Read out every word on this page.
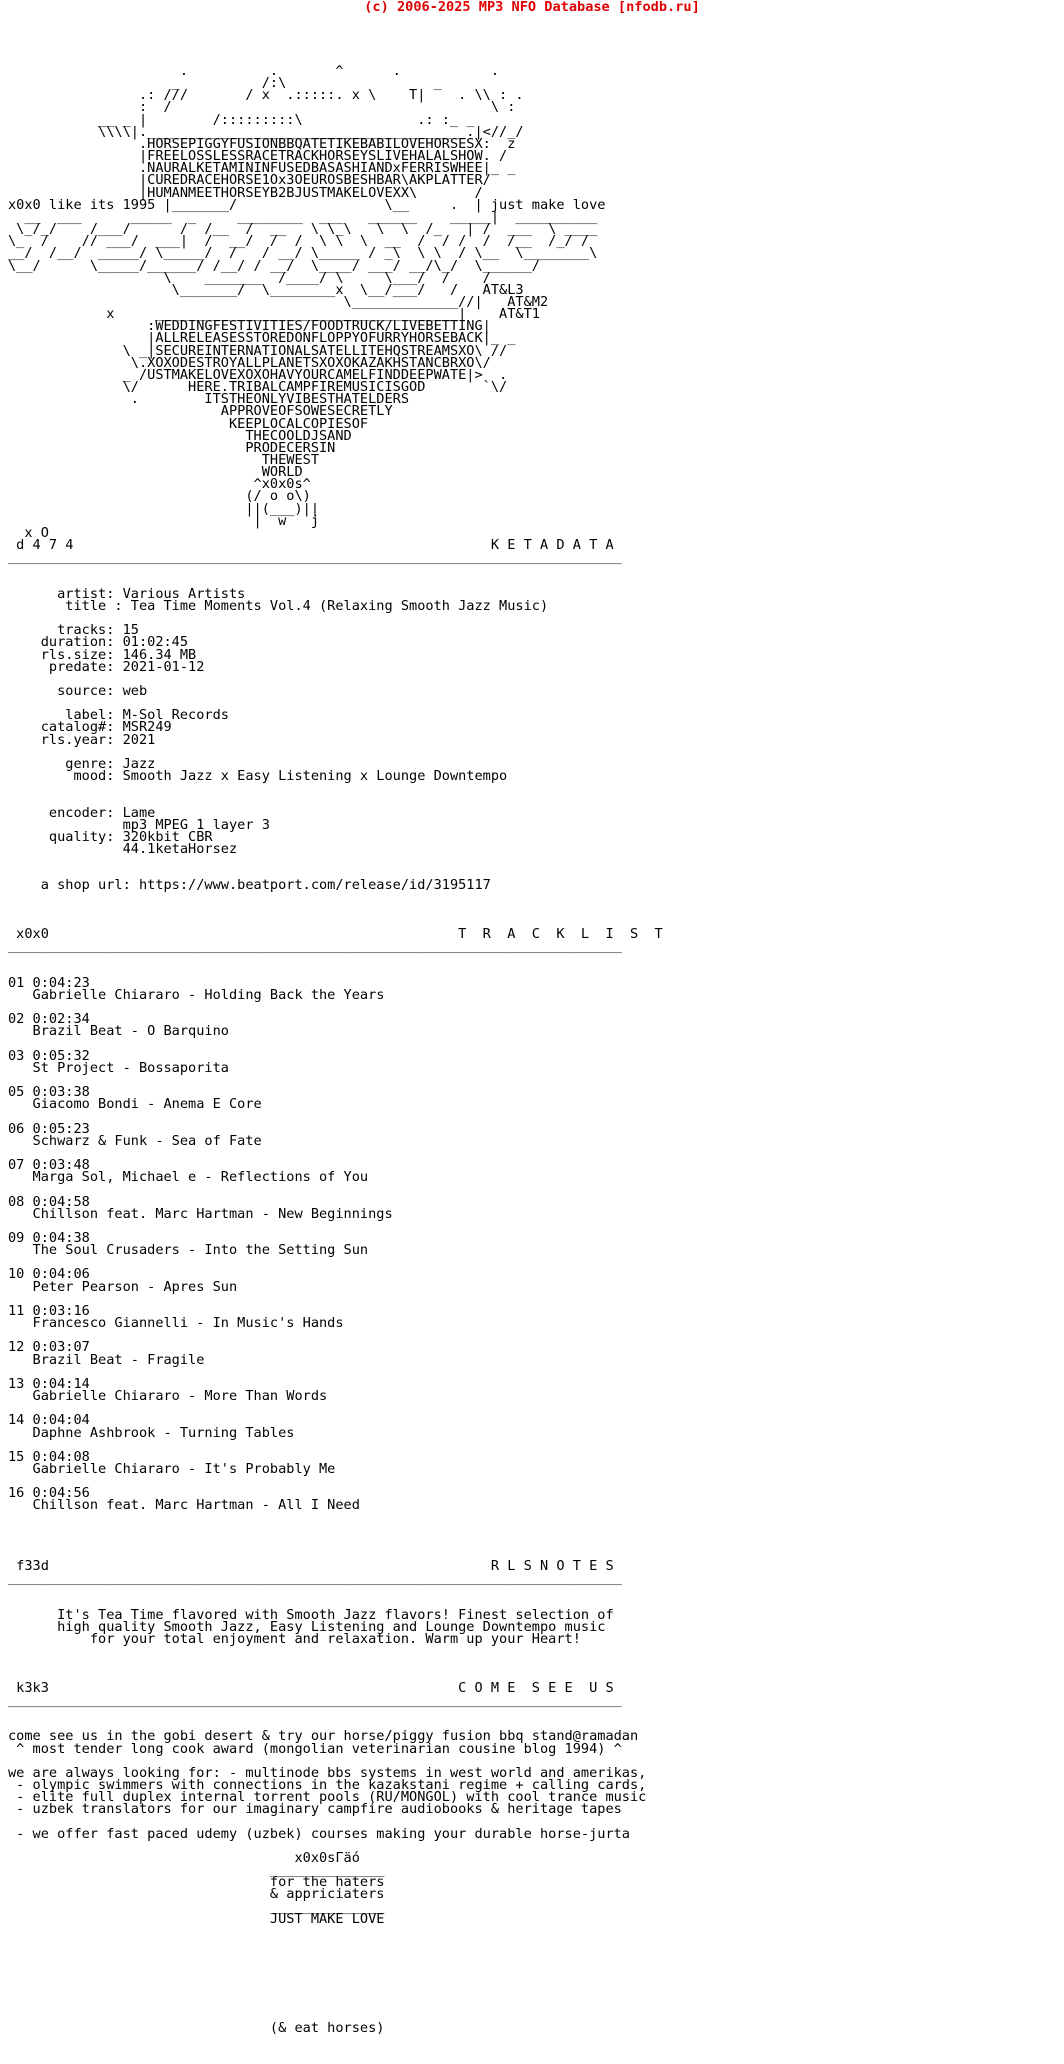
(c) 2006-2025 MP3 NFO Database [nfodb.ru]
.          .       ^      .           .
_          /:\                  _
.: ///       / x  .:::::. x \    T|    . \\ : .
:  /                                       \ :
__ _ |        /:::::::::\              .: :_ _
\\\\|._______________________________________.|<//_/
.HORSEPIGGYFUSIONBBQATETIKEBABILOVEHORSESX:  z
|FREELOSSLESSRACETRACKHORSEYSLIVEHALALSHOW. /
.NAURALKETAMININFUSEDBASASHIANDxFERRISWHEE|_ _
|CUREDRACEHORSE1Ox3OEUROSBESHBAR\AKPLATTER/
|HUMANMEETHORSEYB2BJUSTMAKELOVEXX\       /
x0x0 like its 1995 |_______/                  \__     .  | just make love
__  ___      _____  _     ________  ___   ______    _____|  __________
\_/_/    /___/      /  /__  /  __   \ \_\   \  \  /_   | /  ___  \ ____
\_  /    // ___/  ___|  /  __/  /  /  \ \  \  __  /  / /  /  /__  /_/ /
__/  /__/  _____/ \_____/  /   / __/ \_____ / _\  \ \  / \__  \________\
\__/      \_____/______/ /__/ / __/  \____/ ___/ __/\_/  \______/
\    _______  /____/ \     \___/  /    /
\_______/  \________x  \__/___/   /   AT&L3
\_____________//|   AT&M2
x     _____________________________________|    AT&T1
:WEDDINGFESTIVITIES/FOODTRUCK/LIVEBETTING|
|ALLRELEASESSTOREDONFLOPPYOFURRYHORSEBACK|_ _
\ _|SECUREINTERNATIONALSATELLITEHQSTREAMSXO\ //
\.XOXODESTROYALLPLANETSXOXOKAZAKHSTANCBRXO\/
_ /USTMAKELOVEXOXOHAVYOURCAMELFINDDEEPWATE|>  .
\/      HERE.TRIBALCAMPFIREMUSICISGOD       `\/
.        ITSTHEONLYVIBESTHATELDERS
APPROVEOFSOWESECRETLY
KEEPLOCALCOPIESOF
THECOOLDJSAND
PRODECERSIN
THEWEST
WORLD
^x0x0s^
(/ o o\)
||(___)||
|  w   j
x O
d 4 7 4                                                   K E T A D A T A
___________________________________________________________________________

artist: Various Artists
title : Tea Time Moments Vol.4 (Relaxing Smooth Jazz Music)

tracks: 15
duration: 01:02:45
rls.size: 146.34 MB
predate: 2021-01-12

source: web

label: M-Sol Records
catalog#: MSR249
rls.year: 2021

genre: Jazz
mood: Smooth Jazz x Easy Listening x Lounge Downtempo

encoder: Lame
mp3 MPEG 1 layer 3
quality: 320kbit CBR
44.1ketaHorsez

a shop url: https://www.beatport.com/release/id/3195117

x0x0                                                  T  R  A  C  K  L  I  S  T
___________________________________________________________________________

01 0:04:23
Gabrielle Chiararo - Holding Back the Years

02 0:02:34
Brazil Beat - O Barquino

03 0:05:32
St Project - Bossaporita

05 0:03:38
Giacomo Bondi - Anema E Core

06 0:05:23
Schwarz & Funk - Sea of Fate

07 0:03:48
Marga Sol, Michael e - Reflections of You

08 0:04:58
Chillson feat. Marc Hartman - New Beginnings

09 0:04:38
The Soul Crusaders - Into the Setting Sun

10 0:04:06
Peter Pearson - Apres Sun

11 0:03:16
Francesco Giannelli - In Music's Hands

12 0:03:07
Brazil Beat - Fragile

13 0:04:14
Gabrielle Chiararo - More Than Words

14 0:04:04
Daphne Ashbrook - Turning Tables

15 0:04:08
Gabrielle Chiararo - It's Probably Me

16 0:04:56
Chillson feat. Marc Hartman - All I Need

f33d                                                      R L S N O T E S
___________________________________________________________________________

It's Tea Time flavored with Smooth Jazz flavors! Finest selection of
high quality Smooth Jazz, Easy Listening and Lounge Downtempo music
for your total enjoyment and relaxation. Warm up your Heart!

k3k3                                                  C O M E  S E E  U S
___________________________________________________________________________

come see us in the gobi desert & try our horse/piggy fusion bbq stand@ramadan
^ most tender long cook award (mongolian veterinarian cousine blog 1994) ^

we are always looking for: - multinode bbs systems in west world and amerikas,
- olympic swimmers with connections in the kazakstani regime + calling cards,
- elite full duplex internal torrent pools (RU/MONGOL) with cool trance music
- uzbek translators for our imaginary campfire audiobooks & heritage tapes

- we offer fast paced udemy (uzbek) courses making your durable horse-jurta

x0x0sГäó
______________
for the haters
& appriciaters
______________
JUST MAKE LOVE

(& eat horses)
